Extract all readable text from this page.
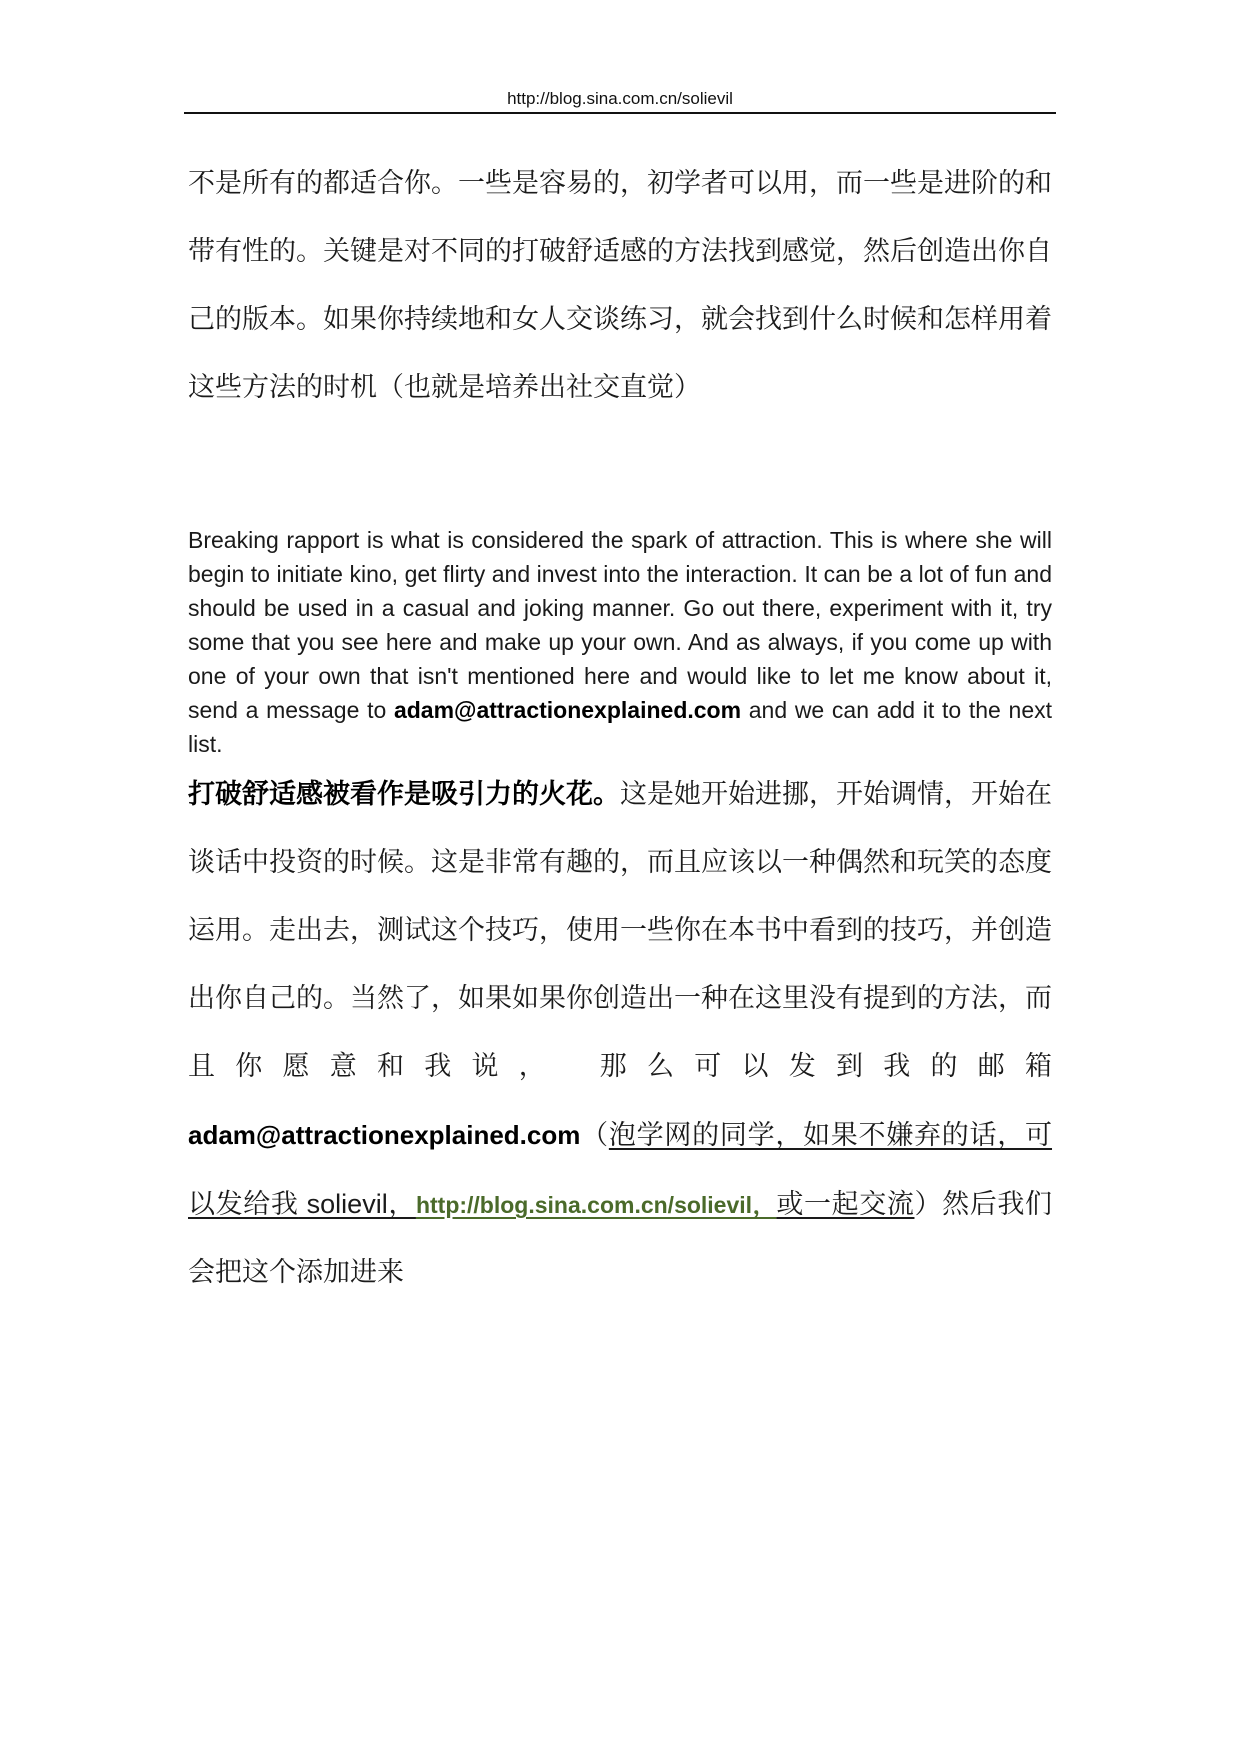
http://blog.sina.com.cn/solievil

不是所有的都适合你。一些是容易的，初学者可以用，而一些是进阶的和带有性的。关键是对不同的打破舒适感的方法找到感觉，然后创造出你自己的版本。如果你持续地和女人交谈练习，就会找到什么时候和怎样用着这些方法的时机（也就是培养出社交直觉）

Breaking rapport is what is considered the spark of attraction. This is where she will begin to initiate kino, get flirty and invest into the interaction. It can be a lot of fun and should be used in a casual and joking manner. Go out there, experiment with it, try some that you see here and make up your own. And as always, if you come up with one of your own that isn't mentioned here and would like to let me know about it, send a message to adam@attractionexplained.com and we can add it to the next list.

打破舒适感被看作是吸引力的火花。这是她开始进挪，开始调情，开始在谈话中投资的时候。这是非常有趣的，而且应该以一种偶然和玩笑的态度运用。走出去，测试这个技巧，使用一些你在本书中看到的技巧，并创造出你自己的。当然了，如果如果你创造出一种在这里没有提到的方法，而且你愿意和我说，　那么可以发到我的邮箱adam@attractionexplained.com（泡学网的同学，如果不嫌弃的话，可以发给我 solievil，http://blog.sina.com.cn/solievil，或一起交流）然后我们会把这个添加进来
